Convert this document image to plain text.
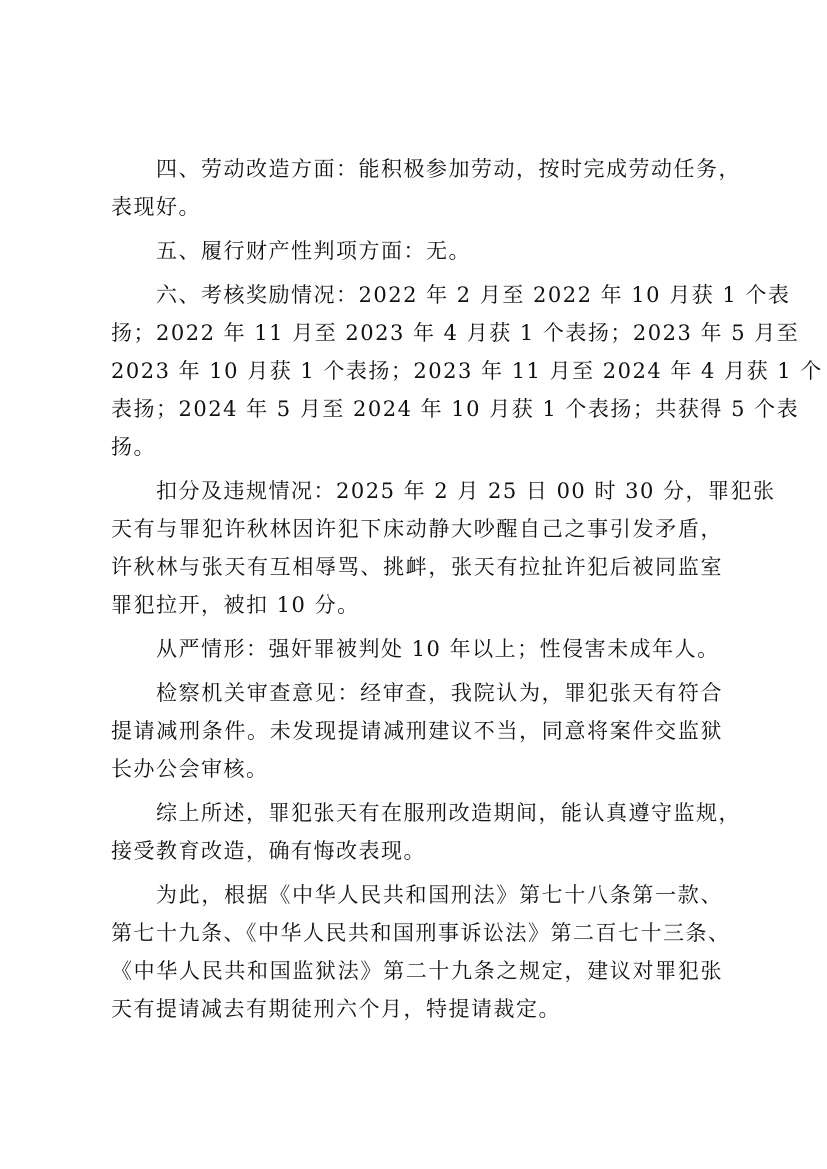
四、劳动改造方面：能积极参加劳动，按时完成劳动任务，
表现好。

五、履行财产性判项方面：无。

六、考核奖励情况：2022 年 2 月至 2022 年 10 月获 1 个表
扬；2022 年 11 月至 2023 年 4 月获 1 个表扬；2023 年 5 月至
2023 年 10 月获 1 个表扬；2023 年 11 月至 2024 年 4 月获 1 个
表扬；2024 年 5 月至 2024 年 10 月获 1 个表扬；共获得 5 个表
扬。

扣分及违规情况：2025 年 2 月 25 日 00 时 30 分，罪犯张
天有与罪犯许秋林因许犯下床动静大吵醒自己之事引发矛盾，
许秋林与张天有互相辱骂、挑衅，张天有拉扯许犯后被同监室
罪犯拉开，被扣 10 分。

从严情形：强奸罪被判处 10 年以上；性侵害未成年人。

检察机关审查意见：经审查，我院认为，罪犯张天有符合
提请减刑条件。未发现提请减刑建议不当，同意将案件交监狱
长办公会审核。

综上所述，罪犯张天有在服刑改造期间，能认真遵守监规，
接受教育改造，确有悔改表现。

为此，根据《中华人民共和国刑法》第七十八条第一款、
第七十九条、《中华人民共和国刑事诉讼法》第二百七十三条、
《中华人民共和国监狱法》第二十九条之规定，建议对罪犯张
天有提请减去有期徒刑六个月，特提请裁定。
